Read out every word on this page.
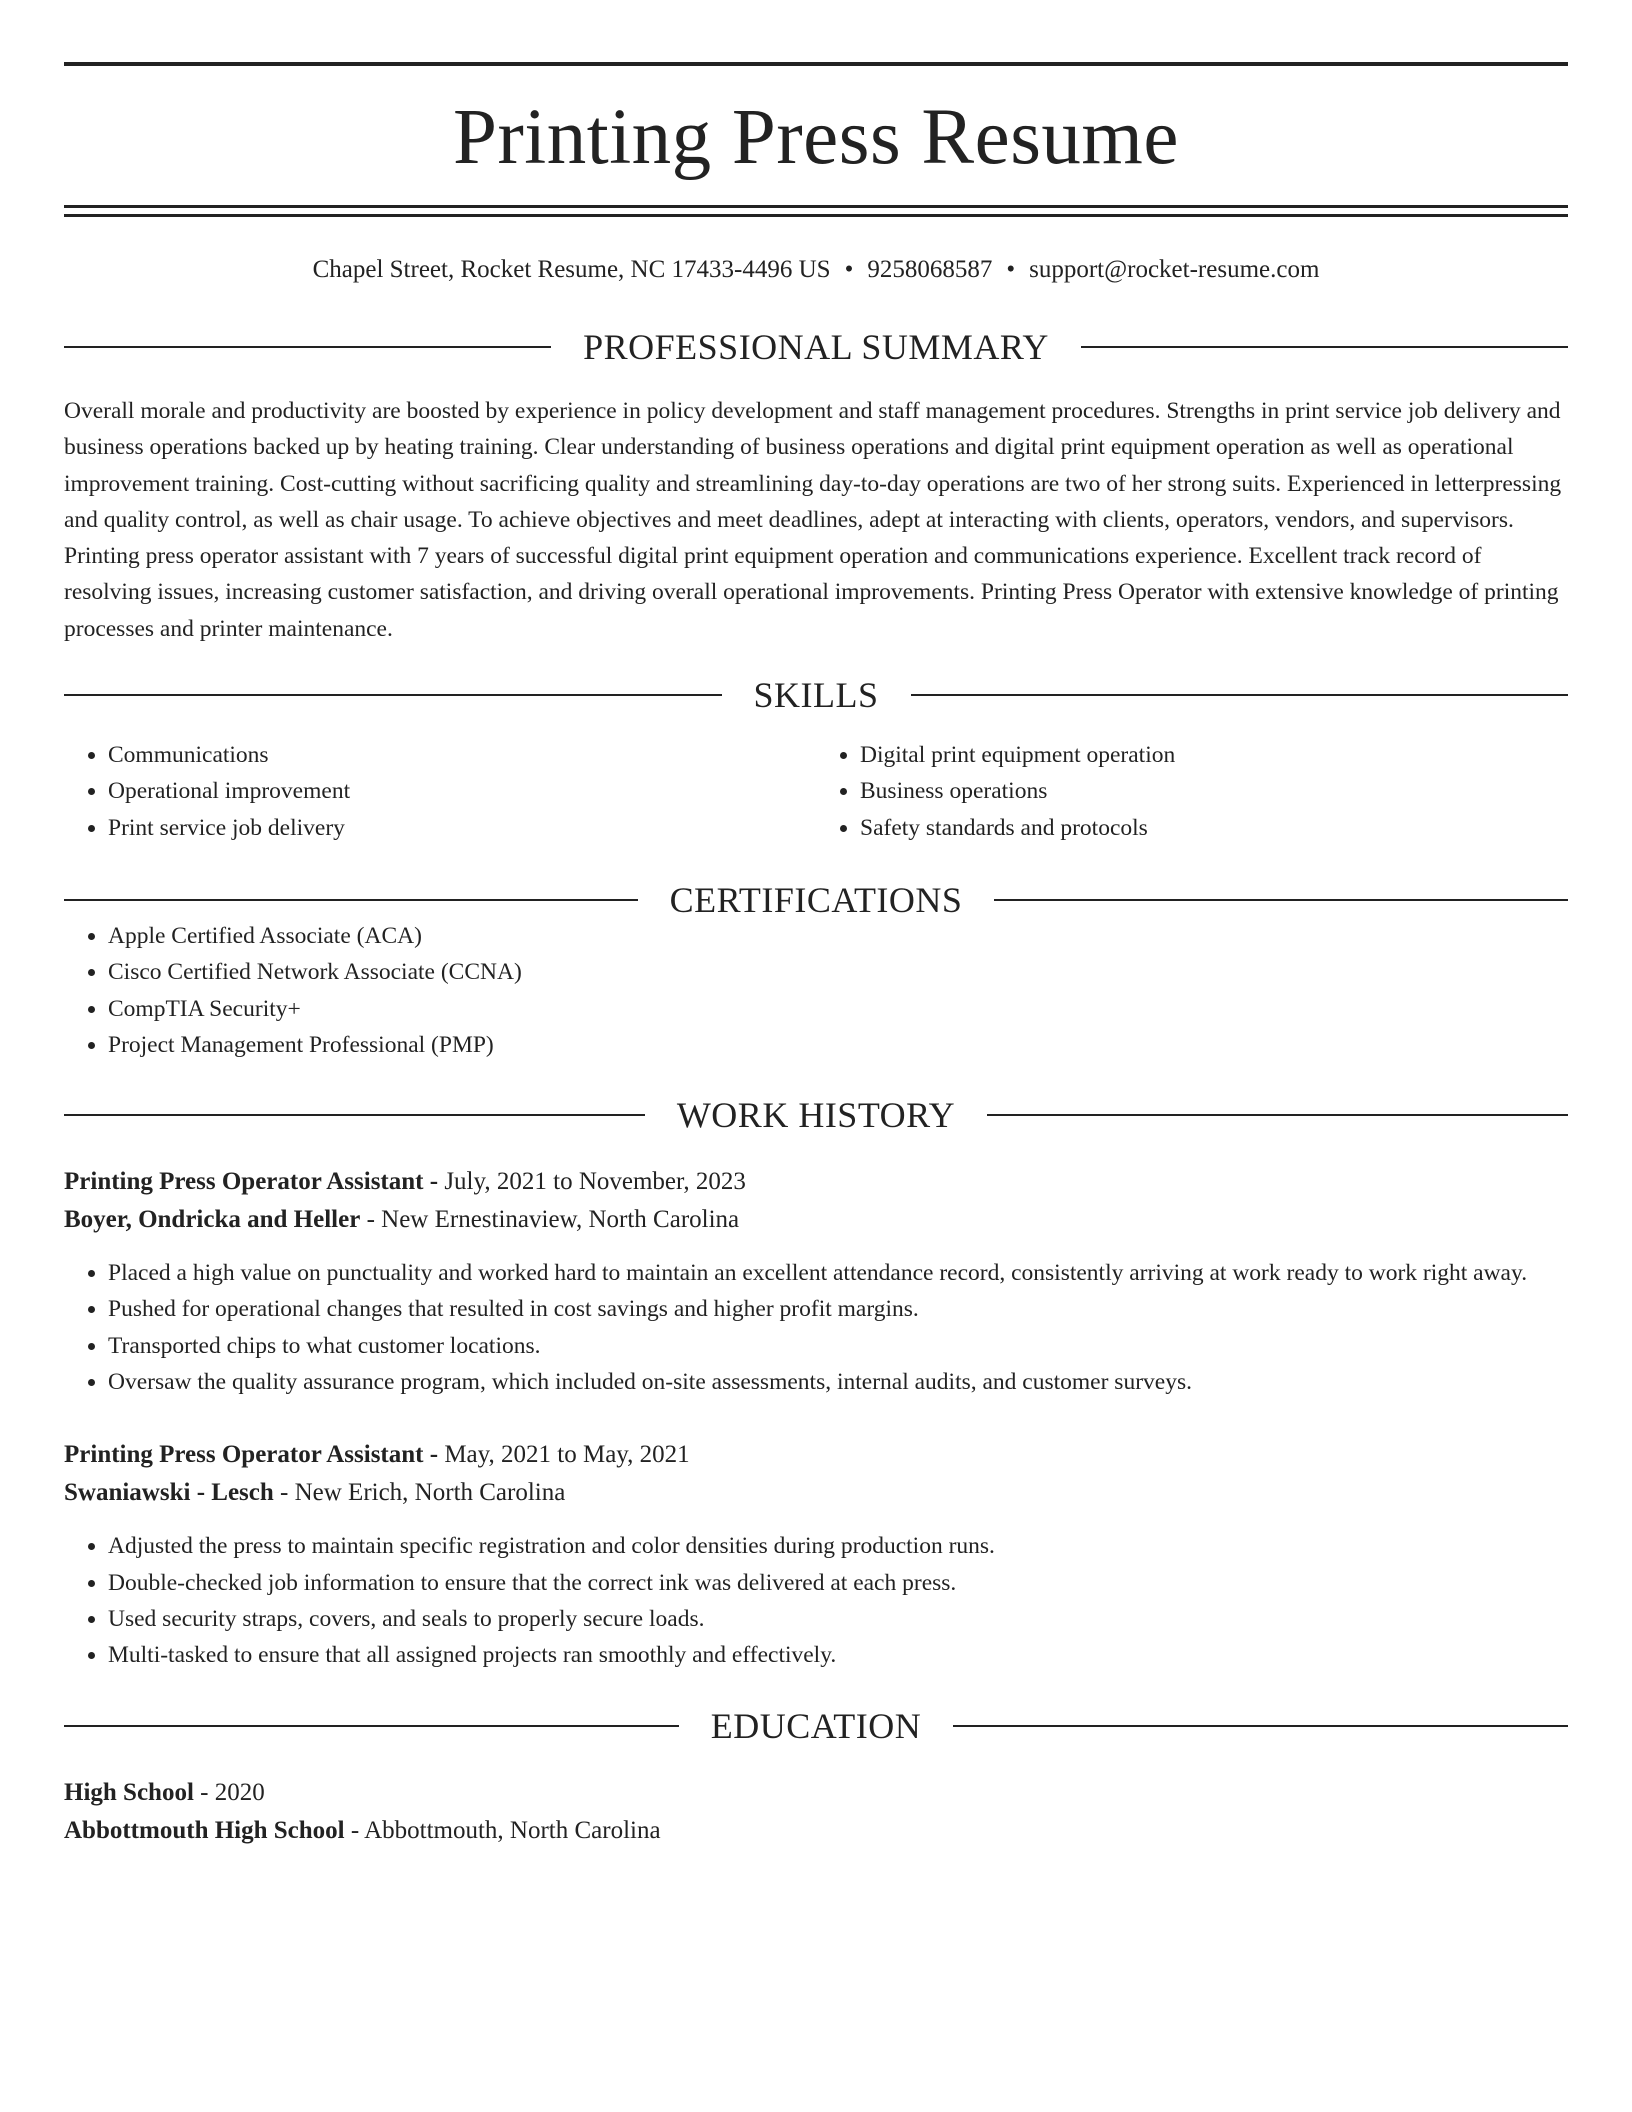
Printing Press Resume
Chapel Street, Rocket Resume, NC 17433-4496 US • 9258068587 • support@rocket-resume.com
PROFESSIONAL SUMMARY
Overall morale and productivity are boosted by experience in policy development and staff management procedures. Strengths in print service job delivery and business operations backed up by heating training. Clear understanding of business operations and digital print equipment operation as well as operational improvement training. Cost-cutting without sacrificing quality and streamlining day-to-day operations are two of her strong suits. Experienced in letterpressing and quality control, as well as chair usage. To achieve objectives and meet deadlines, adept at interacting with clients, operators, vendors, and supervisors. Printing press operator assistant with 7 years of successful digital print equipment operation and communications experience. Excellent track record of resolving issues, increasing customer satisfaction, and driving overall operational improvements. Printing Press Operator with extensive knowledge of printing processes and printer maintenance.
SKILLS
• Communications
• Operational improvement
• Print service job delivery
• Digital print equipment operation
• Business operations
• Safety standards and protocols
CERTIFICATIONS
• Apple Certified Associate (ACA)
• Cisco Certified Network Associate (CCNA)
• CompTIA Security+
• Project Management Professional (PMP)
WORK HISTORY
Printing Press Operator Assistant - July, 2021 to November, 2023
Boyer, Ondricka and Heller - New Ernestinaview, North Carolina
• Placed a high value on punctuality and worked hard to maintain an excellent attendance record, consistently arriving at work ready to work right away.
• Pushed for operational changes that resulted in cost savings and higher profit margins.
• Transported chips to what customer locations.
• Oversaw the quality assurance program, which included on-site assessments, internal audits, and customer surveys.
Printing Press Operator Assistant - May, 2021 to May, 2021
Swaniawski - Lesch - New Erich, North Carolina
• Adjusted the press to maintain specific registration and color densities during production runs.
• Double-checked job information to ensure that the correct ink was delivered at each press.
• Used security straps, covers, and seals to properly secure loads.
• Multi-tasked to ensure that all assigned projects ran smoothly and effectively.
EDUCATION
High School - 2020
Abbottmouth High School - Abbottmouth, North Carolina
